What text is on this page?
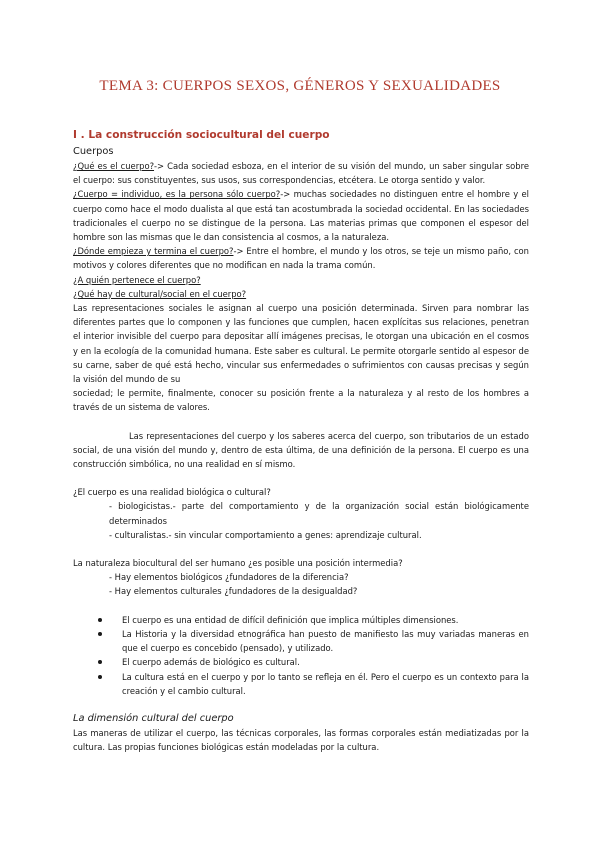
TEMA 3: CUERPOS SEXOS, GÉNEROS Y SEXUALIDADES
I . La construcción sociocultural del cuerpo
Cuerpos

¿Qué es el cuerpo?-> Cada sociedad esboza, en el interior de su visión del mundo, un saber singular sobre el cuerpo: sus constituyentes, sus usos, sus correspondencias, etcétera. Le otorga sentido y valor.

¿Cuerpo = individuo, es la persona sólo cuerpo?-> muchas sociedades no distinguen entre el hombre y el cuerpo como hace el modo dualista al que está tan acostumbrada la sociedad occidental. En las sociedades tradicionales el cuerpo no se distingue de la persona. Las materias primas que componen el espesor del hombre son las mismas que le dan consistencia al cosmos, a la naturaleza.

¿Dónde empieza y termina el cuerpo?-> Entre el hombre, el mundo y los otros, se teje un mismo paño, con motivos y colores diferentes que no modifican en nada la trama común.

¿A quién pertenece el cuerpo?

¿Qué hay de cultural/social en el cuerpo?

Las representaciones sociales le asignan al cuerpo una posición determinada. Sirven para nombrar las diferentes partes que lo componen y las funciones que cumplen, hacen explícitas sus relaciones, penetran el interior invisible del cuerpo para depositar allí imágenes precisas, le otorgan una ubicación en el cosmos y en la ecología de la comunidad humana. Este saber es cultural. Le permite otorgarle sentido al espesor de su carne, saber de qué está hecho, vincular sus enfermedades o sufrimientos con causas precisas y según la visión del mundo de su

sociedad; le permite, finalmente, conocer su posición frente a la naturaleza y al resto de los hombres a través de un sistema de valores.

Las representaciones del cuerpo y los saberes acerca del cuerpo, son tributarios de un estado social, de una visión del mundo y, dentro de esta última, de una definición de la persona. El cuerpo es una construcción simbólica, no una realidad en sí mismo.

¿El cuerpo es una realidad biológica o cultural?

- biologicistas.- parte del comportamiento y de la organización social están biológicamente determinados

- culturalistas.- sin vincular comportamiento a genes: aprendizaje cultural.

La naturaleza biocultural del ser humano ¿es posible una posición intermedia?

- Hay elementos biológicos ¿fundadores de la diferencia?

- Hay elementos culturales ¿fundadores de la desigualdad?

El cuerpo es una entidad de difícil definición que implica múltiples dimensiones.
La Historia y la diversidad etnográfica han puesto de manifiesto las muy variadas maneras en que el cuerpo es concebido (pensado), y utilizado.
El cuerpo además de biológico es cultural.
La cultura está en el cuerpo y por lo tanto se refleja en él. Pero el cuerpo es un contexto para la creación y el cambio cultural.
La dimensión cultural del cuerpo

Las maneras de utilizar el cuerpo, las técnicas corporales, las formas corporales están mediatizadas por la cultura. Las propias funciones biológicas están modeladas por la cultura.
